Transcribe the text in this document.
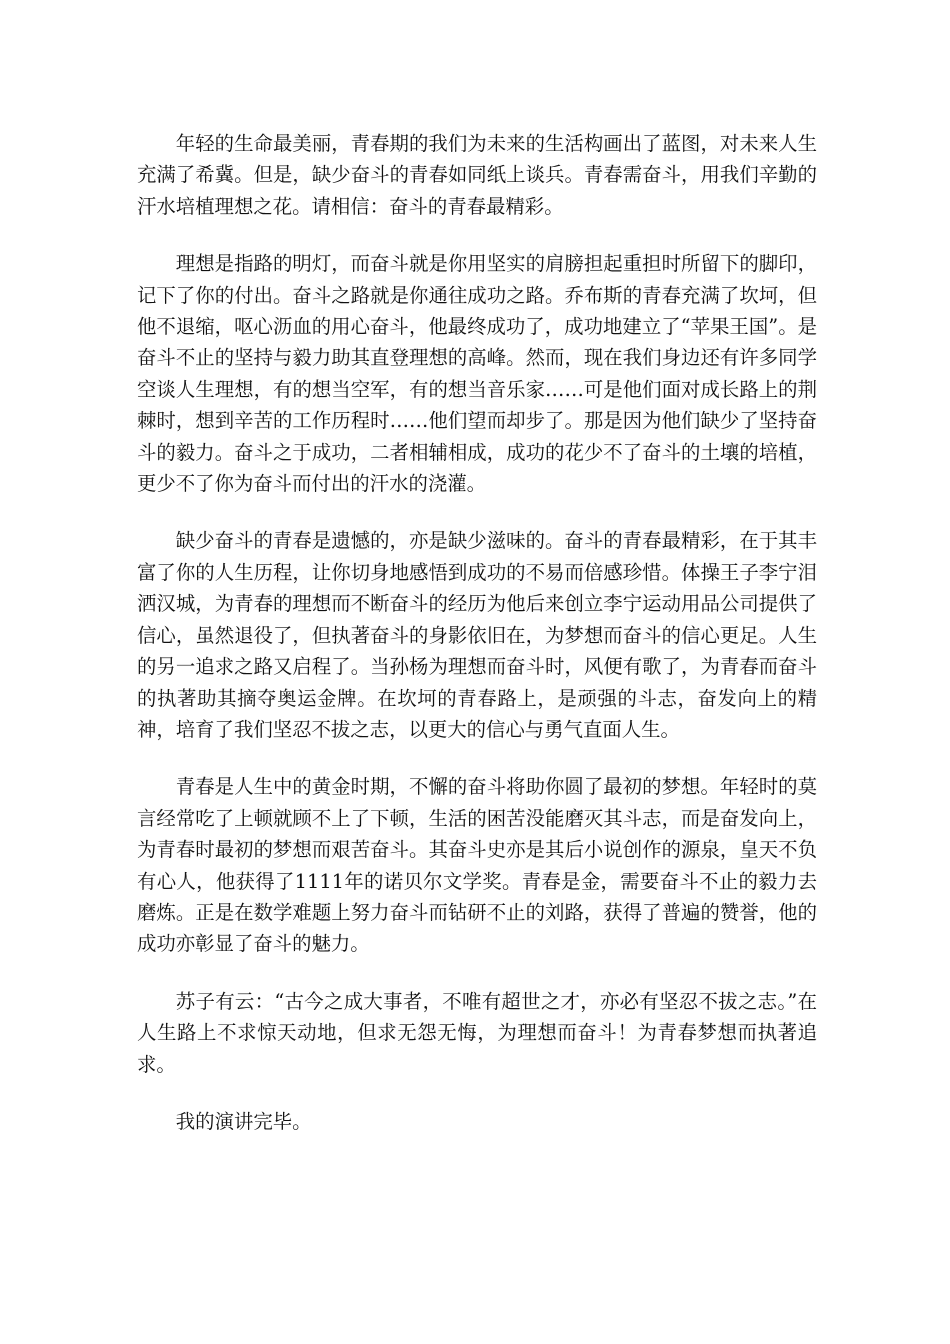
年轻的生命最美丽，青春期的我们为未来的生活构画出了蓝图，对未来人生充满了希冀。但是，缺少奋斗的青春如同纸上谈兵。青春需奋斗，用我们辛勤的汗水培植理想之花。请相信：奋斗的青春最精彩。

理想是指路的明灯，而奋斗就是你用坚实的肩膀担起重担时所留下的脚印，记下了你的付出。奋斗之路就是你通往成功之路。乔布斯的青春充满了坎坷，但他不退缩，呕心沥血的用心奋斗，他最终成功了，成功地建立了“苹果王国”。是奋斗不止的坚持与毅力助其直登理想的高峰。然而，现在我们身边还有许多同学空谈人生理想，有的想当空军，有的想当音乐家……可是他们面对成长路上的荆棘时，想到辛苦的工作历程时……他们望而却步了。那是因为他们缺少了坚持奋斗的毅力。奋斗之于成功，二者相辅相成，成功的花少不了奋斗的土壤的培植，更少不了你为奋斗而付出的汗水的浇灌。

缺少奋斗的青春是遗憾的，亦是缺少滋味的。奋斗的青春最精彩，在于其丰富了你的人生历程，让你切身地感悟到成功的不易而倍感珍惜。体操王子李宁泪洒汉城，为青春的理想而不断奋斗的经历为他后来创立李宁运动用品公司提供了信心，虽然退役了，但执著奋斗的身影依旧在，为梦想而奋斗的信心更足。人生的另一追求之路又启程了。当孙杨为理想而奋斗时，风便有歌了，为青春而奋斗的执著助其摘夺奥运金牌。在坎坷的青春路上，是顽强的斗志，奋发向上的精神，培育了我们坚忍不拔之志，以更大的信心与勇气直面人生。

青春是人生中的黄金时期，不懈的奋斗将助你圆了最初的梦想。年轻时的莫言经常吃了上顿就顾不上了下顿，生活的困苦没能磨灭其斗志，而是奋发向上，为青春时最初的梦想而艰苦奋斗。其奋斗史亦是其后小说创作的源泉，皇天不负有心人，他获得了1111年的诺贝尔文学奖。青春是金，需要奋斗不止的毅力去磨炼。正是在数学难题上努力奋斗而钻研不止的刘路，获得了普遍的赞誉，他的成功亦彰显了奋斗的魅力。

苏子有云：“古今之成大事者，不唯有超世之才，亦必有坚忍不拔之志。”在人生路上不求惊天动地，但求无怨无悔，为理想而奋斗！为青春梦想而执著追求。

我的演讲完毕。
